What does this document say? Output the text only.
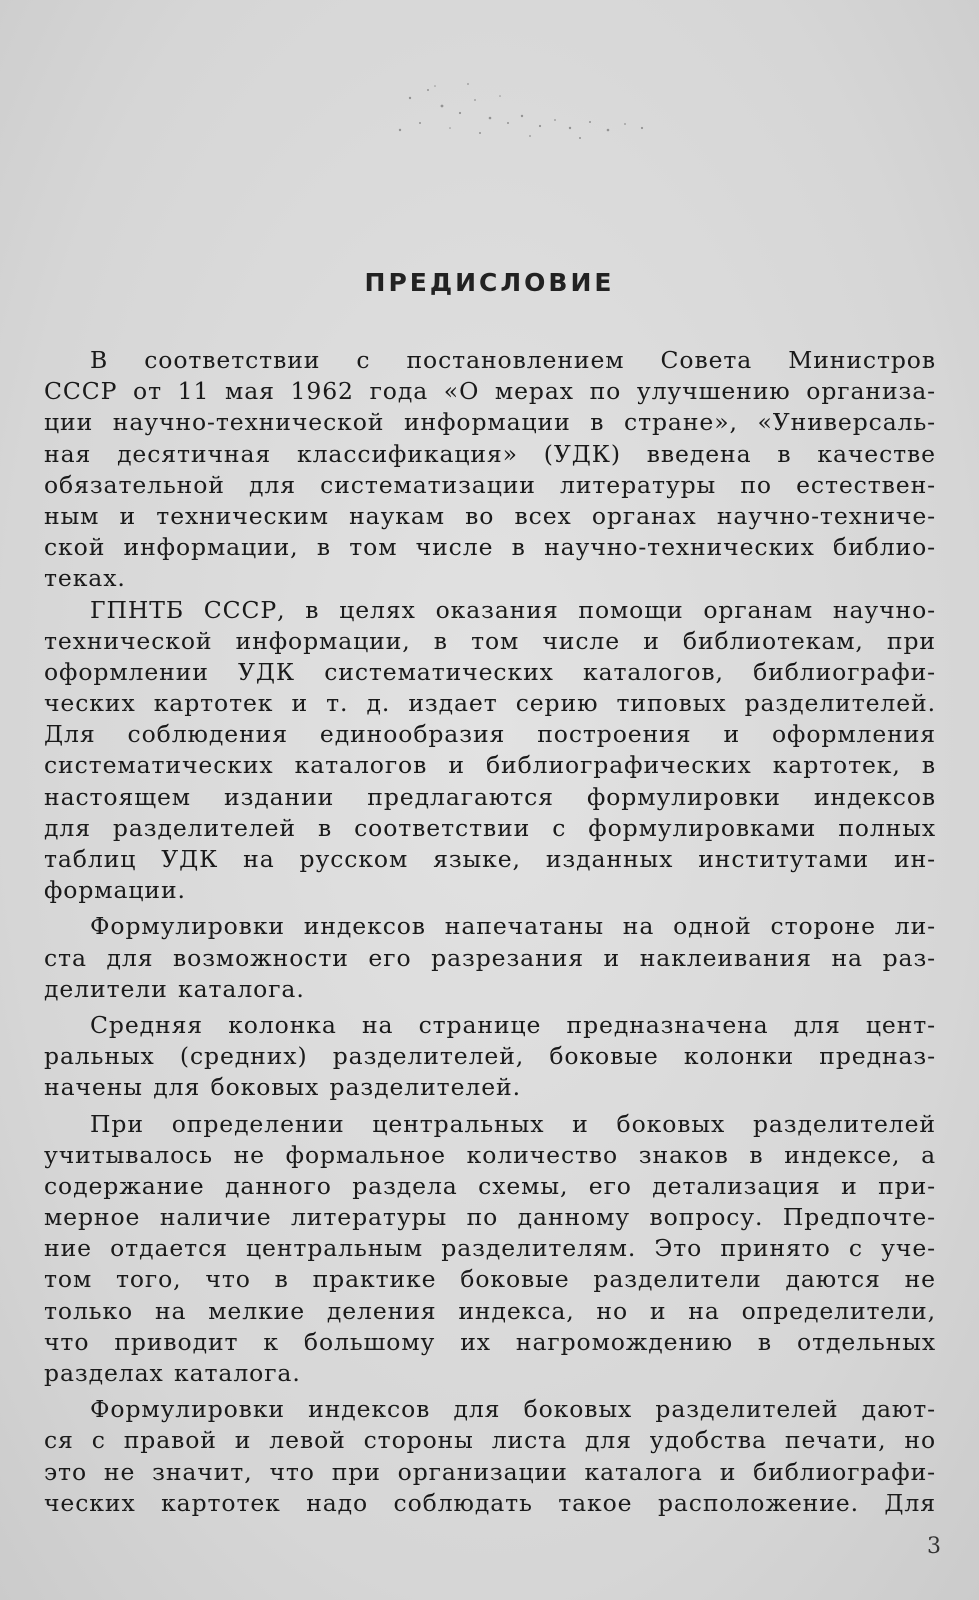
ПРЕДИСЛОВИЕ
В соответствии с постановлением Совета Министров
СССР от 11 мая 1962 года «О мерах по улучшению организа-
ции научно-технической информации в стране», «Универсаль-
ная десятичная классификация» (УДК) введена в качестве
обязательной для систематизации литературы по естествен-
ным и техническим наукам во всех органах научно-техниче-
ской информации, в том числе в научно-технических библио-
теках.
ГПНТБ СССР, в целях оказания помощи органам научно-
технической информации, в том числе и библиотекам, при
оформлении УДК систематических каталогов, библиографи-
ческих картотек и т. д. издает серию типовых разделителей.
Для соблюдения единообразия построения и оформления
систематических каталогов и библиографических картотек, в
настоящем издании предлагаются формулировки индексов
для разделителей в соответствии с формулировками полных
таблиц УДК на русском языке, изданных институтами ин-
формации.
Формулировки индексов напечатаны на одной стороне ли-
ста для возможности его разрезания и наклеивания на раз-
делители каталога.
Средняя колонка на странице предназначена для цент-
ральных (средних) разделителей, боковые колонки предназ-
начены для боковых разделителей.
При определении центральных и боковых разделителей
учитывалось не формальное количество знаков в индексе, а
содержание данного раздела схемы, его детализация и при-
мерное наличие литературы по данному вопросу. Предпочте-
ние отдается центральным разделителям. Это принято с уче-
том того, что в практике боковые разделители даются не
только на мелкие деления индекса, но и на определители,
что приводит к большому их нагромождению в отдельных
разделах каталога.
Формулировки индексов для боковых разделителей дают-
ся с правой и левой стороны листа для удобства печати, но
это не значит, что при организации каталога и библиографи-
ческих картотек надо соблюдать такое расположение. Для
3
